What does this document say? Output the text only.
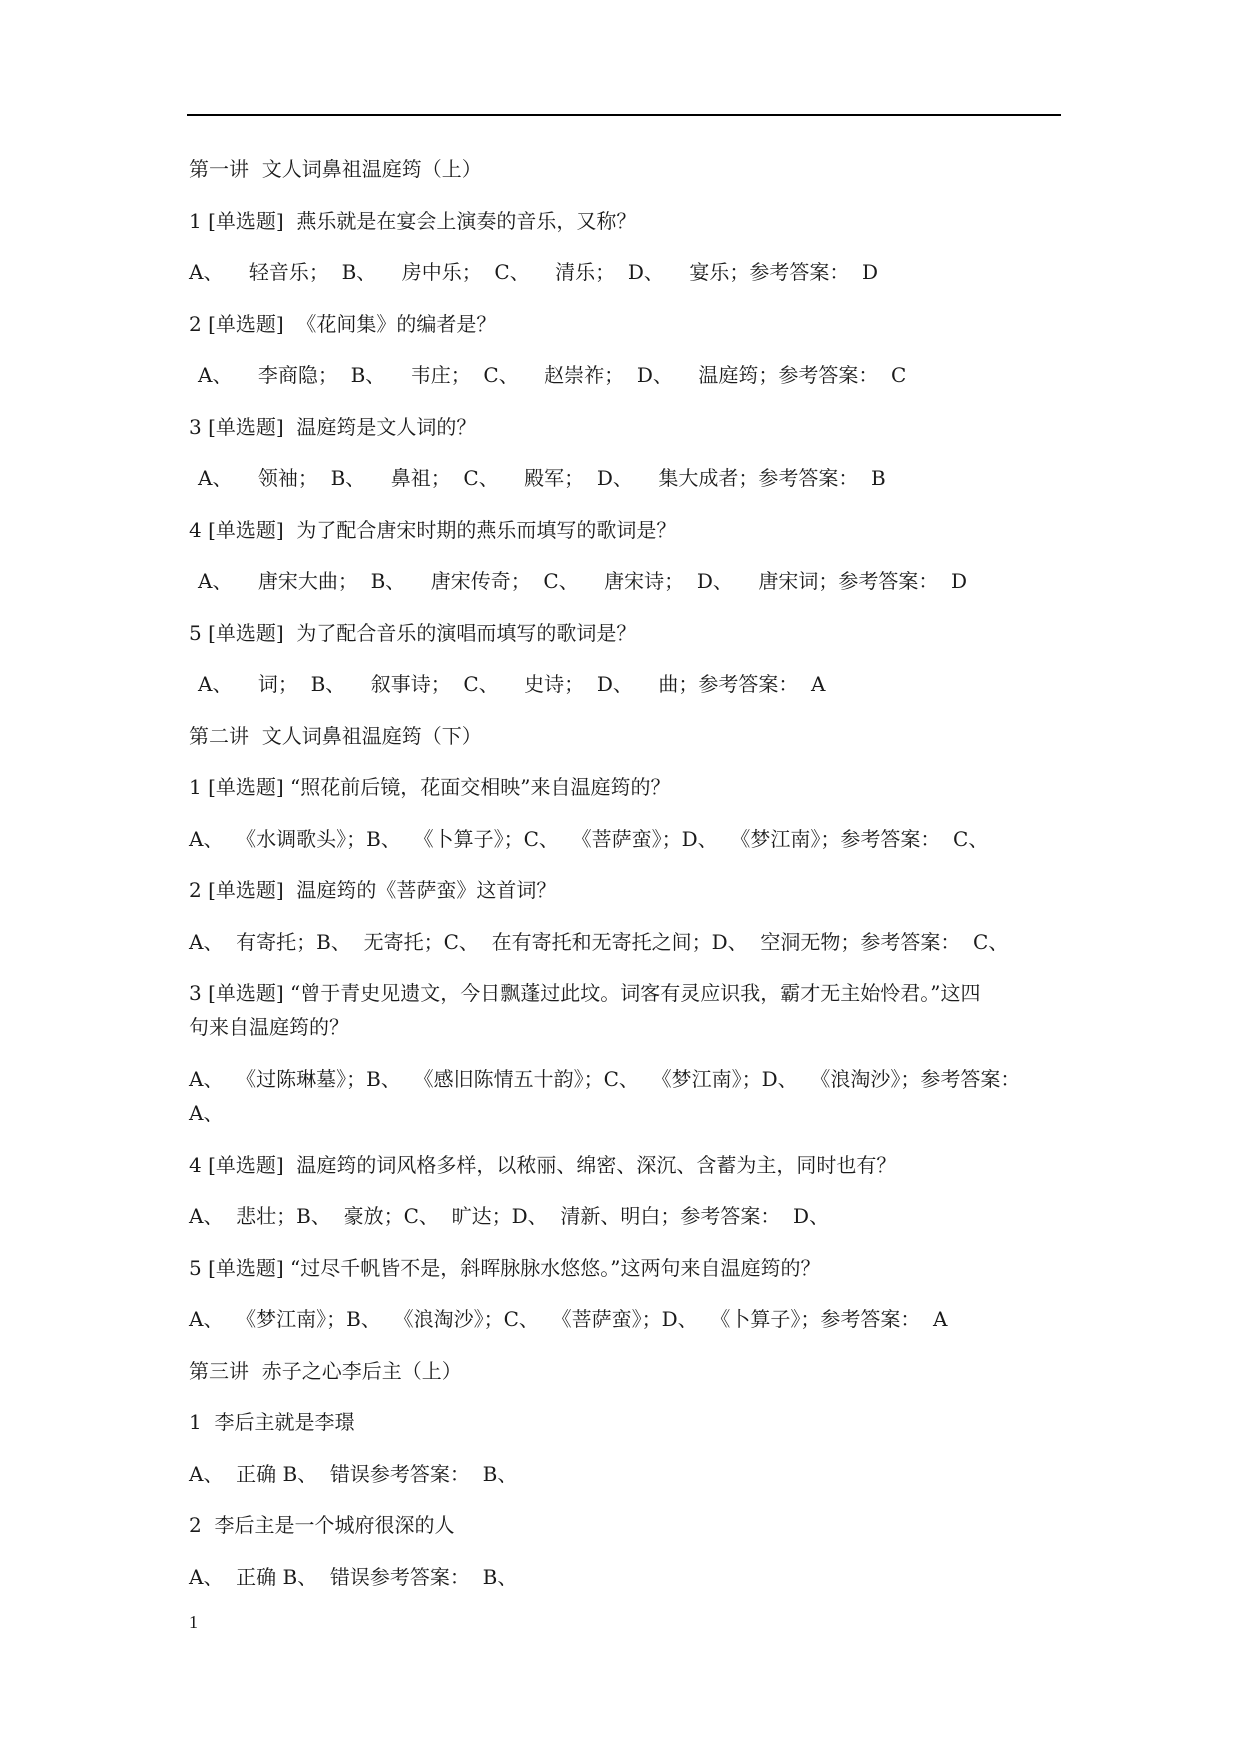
第一讲  文人词鼻祖温庭筠（上）
1 [单选题]  燕乐就是在宴会上演奏的音乐，又称？
A、    轻音乐；  B、    房中乐；  C、    清乐；  D、    宴乐；参考答案：  D
2 [单选题]  《花间集》的编者是？
A、    李商隐；  B、    韦庄；  C、    赵崇祚；  D、    温庭筠；参考答案：  C
3 [单选题]  温庭筠是文人词的？
A、    领袖；  B、    鼻祖；  C、    殿军；  D、    集大成者；参考答案：  B
4 [单选题]  为了配合唐宋时期的燕乐而填写的歌词是？
A、    唐宋大曲；  B、    唐宋传奇；  C、    唐宋诗；  D、    唐宋词；参考答案：  D
5 [单选题]  为了配合音乐的演唱而填写的歌词是？
A、    词；  B、    叙事诗；  C、    史诗；  D、    曲；参考答案：  A
第二讲  文人词鼻祖温庭筠（下）
1 [单选题] “照花前后镜，花面交相映”来自温庭筠的？
A、  《水调歌头》；B、  《卜算子》；C、  《菩萨蛮》；D、  《梦江南》；参考答案：  C、
2 [单选题]  温庭筠的《菩萨蛮》这首词？
A、  有寄托；B、  无寄托；C、  在有寄托和无寄托之间；D、  空洞无物；参考答案：  C、
3 [单选题] “曾于青史见遗文，今日飘蓬过此坟。词客有灵应识我，霸才无主始怜君。”这四
句来自温庭筠的？
A、  《过陈琳墓》；B、  《感旧陈情五十韵》；C、  《梦江南》；D、  《浪淘沙》；参考答案：
A、
4 [单选题]  温庭筠的词风格多样，以秾丽、绵密、深沉、含蓄为主，同时也有？
A、  悲壮；B、  豪放；C、  旷达；D、  清新、明白；参考答案：  D、
5 [单选题] “过尽千帆皆不是，斜晖脉脉水悠悠。”这两句来自温庭筠的？
A、  《梦江南》；B、  《浪淘沙》；C、  《菩萨蛮》；D、  《卜算子》；参考答案：  A
第三讲  赤子之心李后主（上）
1  李后主就是李璟
A、  正确 B、  错误参考答案：  B、
2  李后主是一个城府很深的人
A、  正确 B、  错误参考答案：  B、
1
